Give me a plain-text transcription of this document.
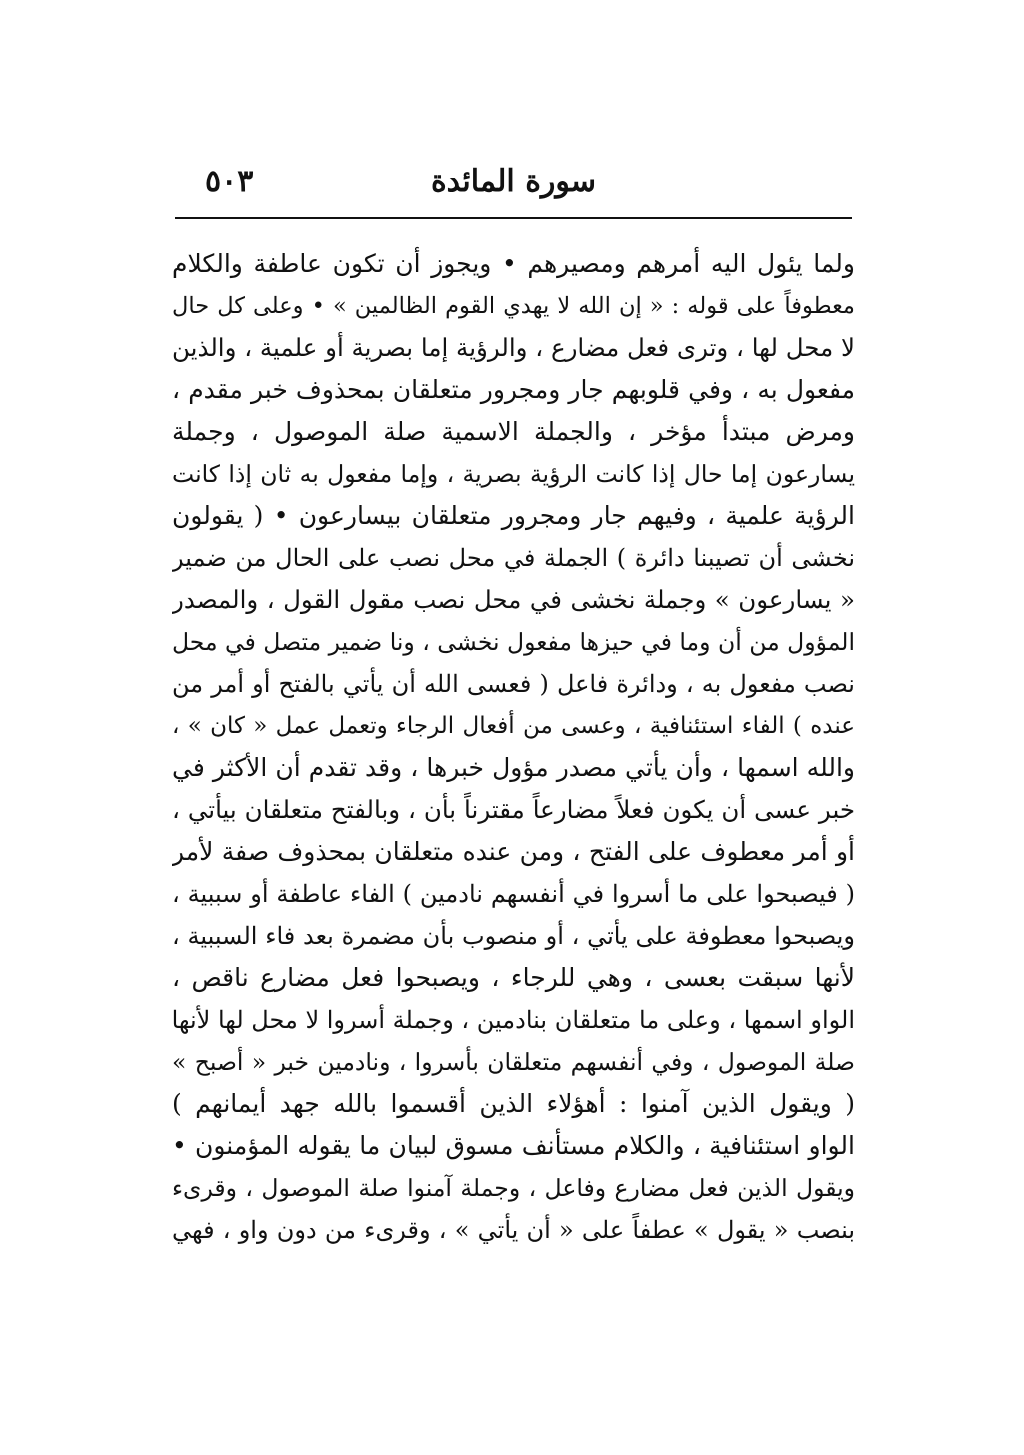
سورة المائدة
٥٠٣
ولما يئول اليه أمرهم ومصيرهم • ويجوز أن تكون عاطفة والكلام
معطوفاً على قوله : « إن الله لا يهدي القوم الظالمين » • وعلى كل حال
لا محل لها ، وترى فعل مضارع ، والرؤية إما بصرية أو علمية ، والذين
مفعول به ، وفي قلوبهم جار ومجرور متعلقان بمحذوف خبر مقدم ،
ومرض مبتدأ مؤخر ، والجملة الاسمية صلة الموصول ، وجملة
يسارعون إما حال إذا كانت الرؤية بصرية ، وإما مفعول به ثان إذا كانت
الرؤية علمية ، وفيهم جار ومجرور متعلقان بيسارعون • ( يقولون
نخشى أن تصيبنا دائرة ) الجملة في محل نصب على الحال من ضمير
« يسارعون » وجملة نخشى في محل نصب مقول القول ، والمصدر
المؤول من أن وما في حيزها مفعول نخشى ، ونا ضمير متصل في محل
نصب مفعول به ، ودائرة فاعل ( فعسى الله أن يأتي بالفتح أو أمر من
عنده ) الفاء استئنافية ، وعسى من أفعال الرجاء وتعمل عمل « كان » ،
والله اسمها ، وأن يأتي مصدر مؤول خبرها ، وقد تقدم أن الأكثر في
خبر عسى أن يكون فعلاً مضارعاً مقترناً بأن ، وبالفتح متعلقان بيأتي ،
أو أمر معطوف على الفتح ، ومن عنده متعلقان بمحذوف صفة لأمر
( فيصبحوا على ما أسروا في أنفسهم نادمين ) الفاء عاطفة أو سببية ،
ويصبحوا معطوفة على يأتي ، أو منصوب بأن مضمرة بعد فاء السببية ،
لأنها سبقت بعسى ، وهي للرجاء ، ويصبحوا فعل مضارع ناقص ،
الواو اسمها ، وعلى ما متعلقان بنادمين ، وجملة أسروا لا محل لها لأنها
صلة الموصول ، وفي أنفسهم متعلقان بأسروا ، ونادمين خبر « أصبح »
( ويقول الذين آمنوا : أهؤلاء الذين أقسموا بالله جهد أيمانهم )
الواو استئنافية ، والكلام مستأنف مسوق لبيان ما يقوله المؤمنون •
ويقول الذين فعل مضارع وفاعل ، وجملة آمنوا صلة الموصول ، وقرىء
بنصب « يقول » عطفاً على « أن يأتي » ، وقرىء من دون واو ، فهي
